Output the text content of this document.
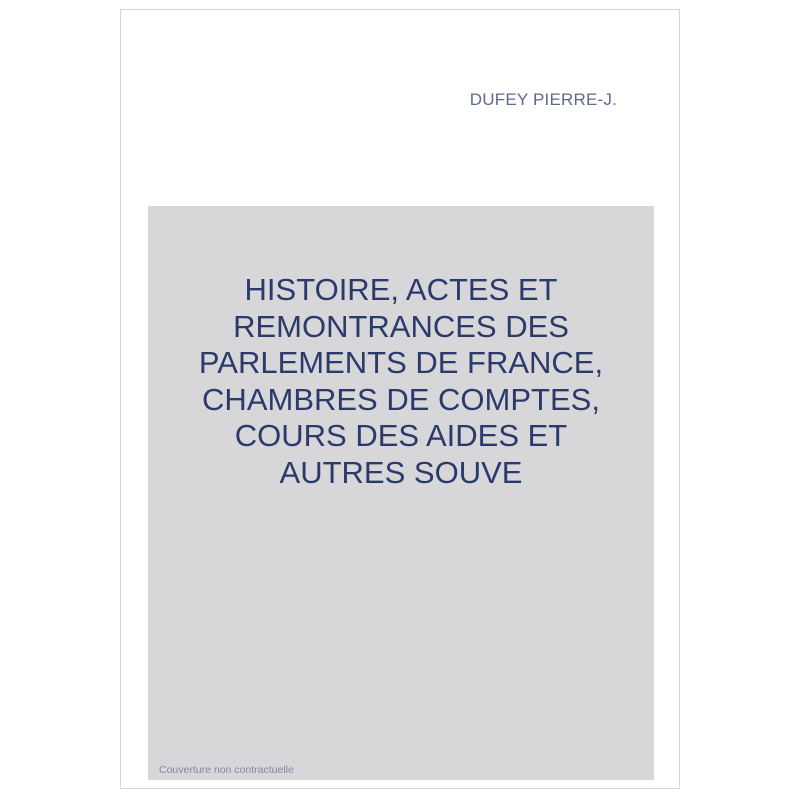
DUFEY PIERRE-J.
HISTOIRE, ACTES ET
REMONTRANCES DES
PARLEMENTS DE FRANCE,
CHAMBRES DE COMPTES,
COURS DES AIDES ET
AUTRES SOUVE
Couverture non contractuelle
